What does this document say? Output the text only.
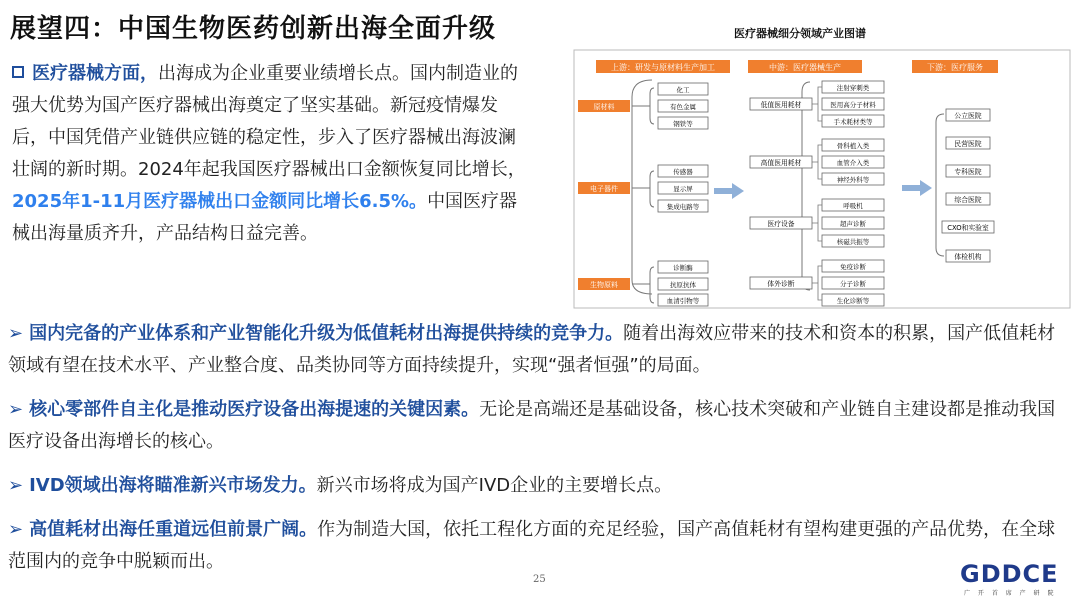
展望四：中国生物医药创新出海全面升级
医疗器械方面，出海成为企业重要业绩增长点。国内制造业的强大优势为国产医疗器械出海奠定了坚实基础。新冠疫情爆发后，中国凭借产业链供应链的稳定性，步入了医疗器械出海波澜壮阔的新时期。2024年起我国医疗器械出口金额恢复同比增长，2025年1-11月医疗器械出口金额同比增长6.5%。中国医疗器械出海量质齐升，产品结构日益完善。
医疗器械细分领域产业图谱
上游：研发与原材料生产加工	中游：医疗器械生产	下游：医疗服务
原材料
化工
有色金属
钢铁等
电子器件
传感器
显示屏
集成电路等
生物原料
诊断酶
抗原抗体
血清引物等
低值医用耗材
注射穿刺类
医用高分子材料
手术耗材类等
高值医用耗材
骨科植入类
血管介入类
神经外科等
医疗设备
呼吸机
超声诊断
核磁共振等
体外诊断
免疫诊断
分子诊断
生化诊断等
公立医院
民营医院
专科医院
综合医院
CXO和实验室
体检机构
➢ 国内完备的产业体系和产业智能化升级为低值耗材出海提供持续的竞争力。随着出海效应带来的技术和资本的积累，国产低值耗材领域有望在技术水平、产业整合度、品类协同等方面持续提升，实现“强者恒强”的局面。
➢ 核心零部件自主化是推动医疗设备出海提速的关键因素。无论是高端还是基础设备，核心技术突破和产业链自主建设都是推动我国医疗设备出海增长的核心。
➢ IVD领域出海将瞄准新兴市场发力。新兴市场将成为国产IVD企业的主要增长点。
➢ 高值耗材出海任重道远但前景广阔。作为制造大国，依托工程化方面的充足经验，国产高值耗材有望构建更强的产品优势，在全球范围内的竞争中脱颖而出。
25	GDDCE
广 开 首 席 产 研 院
